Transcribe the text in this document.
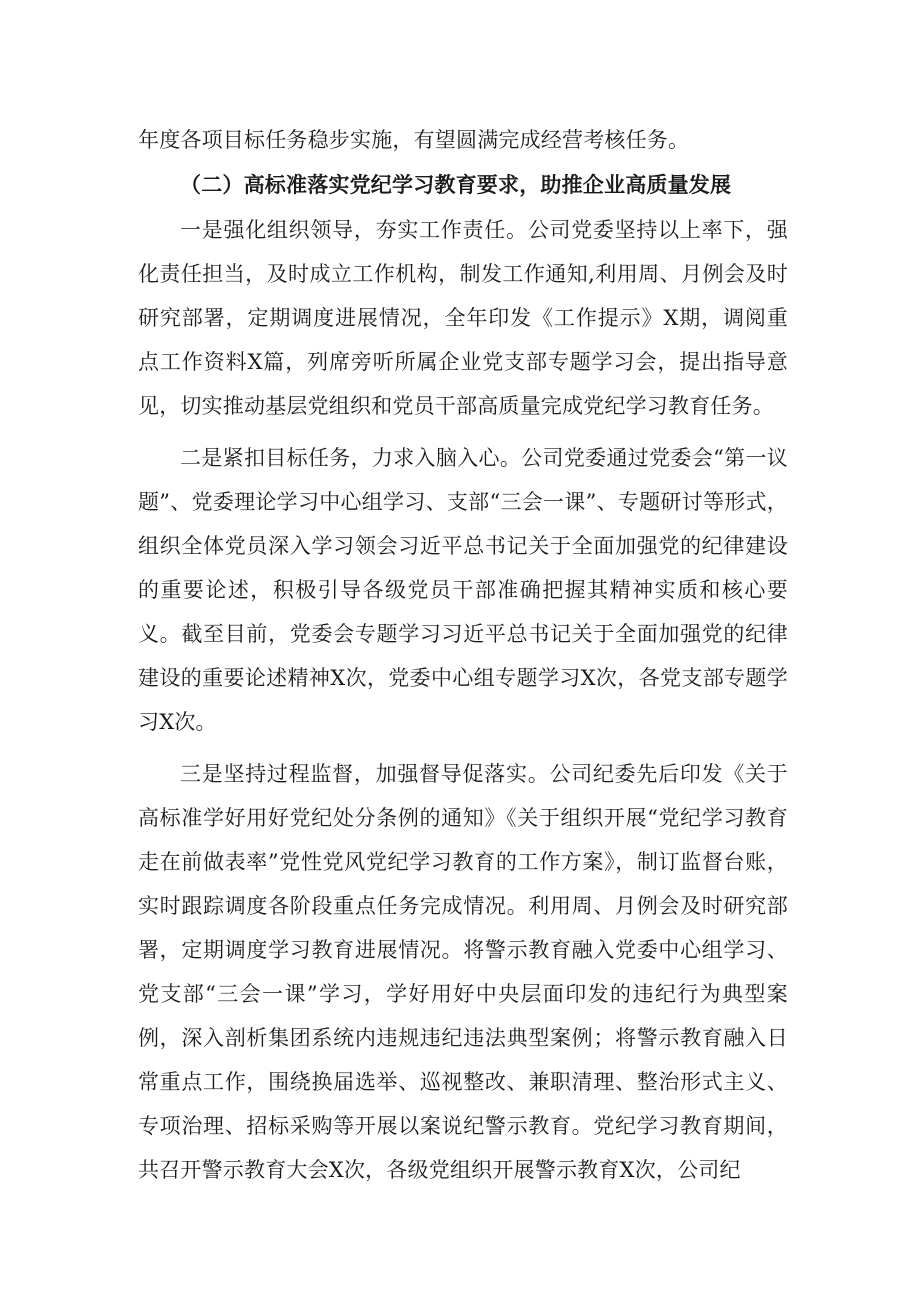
年度各项目标任务稳步实施，有望圆满完成经营考核任务。

（二）高标准落实党纪学习教育要求，助推企业高质量发展

一是强化组织领导，夯实工作责任。公司党委坚持以上率下，强化责任担当，及时成立工作机构，制发工作通知,利用周、月例会及时研究部署，定期调度进展情况，全年印发《工作提示》X期，调阅重点工作资料X篇，列席旁听所属企业党支部专题学习会，提出指导意见，切实推动基层党组织和党员干部高质量完成党纪学习教育任务。

二是紧扣目标任务，力求入脑入心。公司党委通过党委会“第一议题”、党委理论学习中心组学习、支部“三会一课”、专题研讨等形式，组织全体党员深入学习领会习近平总书记关于全面加强党的纪律建设的重要论述，积极引导各级党员干部准确把握其精神实质和核心要义。截至目前，党委会专题学习习近平总书记关于全面加强党的纪律建设的重要论述精神X次，党委中心组专题学习X次，各党支部专题学习X次。

三是坚持过程监督，加强督导促落实。公司纪委先后印发《关于高标准学好用好党纪处分条例的通知》《关于组织开展“党纪学习教育走在前做表率”党性党风党纪学习教育的工作方案》，制订监督台账，实时跟踪调度各阶段重点任务完成情况。利用周、月例会及时研究部署，定期调度学习教育进展情况。将警示教育融入党委中心组学习、党支部“三会一课”学习，学好用好中央层面印发的违纪行为典型案例，深入剖析集团系统内违规违纪违法典型案例；将警示教育融入日常重点工作，围绕换届选举、巡视整改、兼职清理、整治形式主义、专项治理、招标采购等开展以案说纪警示教育。党纪学习教育期间，共召开警示教育大会X次，各级党组织开展警示教育X次，公司纪
